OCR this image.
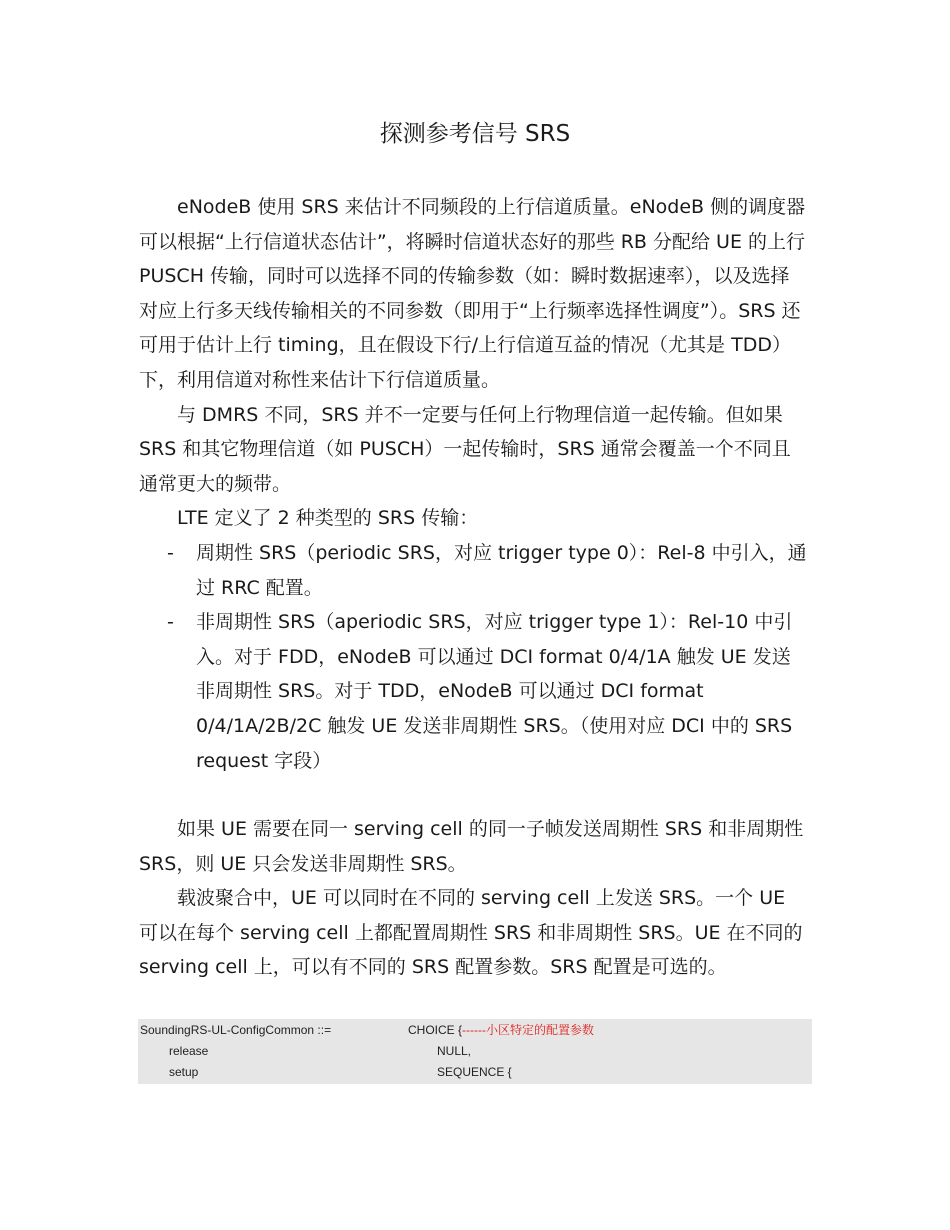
探测参考信号 SRS

eNodeB 使用 SRS 来估计不同频段的上行信道质量。eNodeB 侧的调度器可以根据“上行信道状态估计”，将瞬时信道状态好的那些 RB 分配给 UE 的上行 PUSCH 传输，同时可以选择不同的传输参数（如：瞬时数据速率），以及选择对应上行多天线传输相关的不同参数（即用于“上行频率选择性调度”）。SRS 还可用于估计上行 timing，且在假设下行/上行信道互益的情况（尤其是 TDD）下，利用信道对称性来估计下行信道质量。

与 DMRS 不同，SRS 并不一定要与任何上行物理信道一起传输。但如果 SRS 和其它物理信道（如 PUSCH）一起传输时，SRS 通常会覆盖一个不同且通常更大的频带。

LTE 定义了 2 种类型的 SRS 传输：

- 周期性 SRS（periodic SRS，对应 trigger type 0）：Rel-8 中引入，通过 RRC 配置。
- 非周期性 SRS（aperiodic SRS，对应 trigger type 1）：Rel-10 中引入。对于 FDD，eNodeB 可以通过 DCI format 0/4/1A 触发 UE 发送非周期性 SRS。对于 TDD，eNodeB 可以通过 DCI format 0/4/1A/2B/2C 触发 UE 发送非周期性 SRS。（使用对应 DCI 中的 SRS request 字段）

如果 UE 需要在同一 serving cell 的同一子帧发送周期性 SRS 和非周期性 SRS，则 UE 只会发送非周期性 SRS。

载波聚合中，UE 可以同时在不同的 serving cell 上发送 SRS。一个 UE 可以在每个 serving cell 上都配置周期性 SRS 和非周期性 SRS。UE 在不同的 serving cell 上，可以有不同的 SRS 配置参数。SRS 配置是可选的。

SoundingRS-UL-ConfigCommon ::=	CHOICE {------小区特定的配置参数
release	NULL,
setup	SEQUENCE {
